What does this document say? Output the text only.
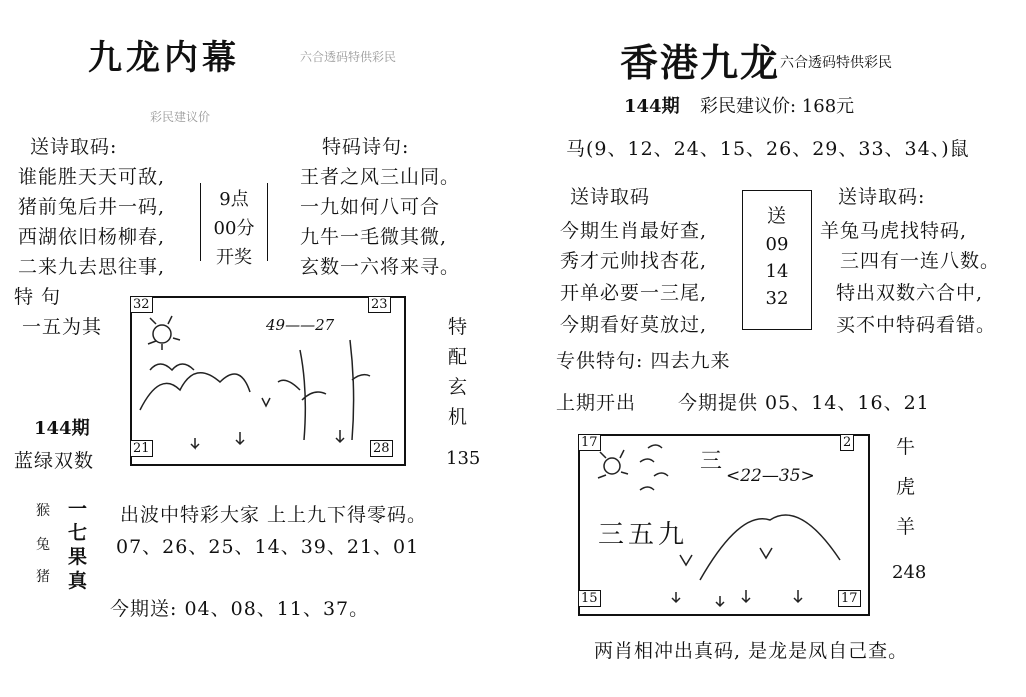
九龙内幕	六合透码特供彩民
彩民建议价
送诗取码:	特码诗句:
谁能胜天天可敌,
猪前兔后井一码,
西湖依旧杨柳春,
二来九去思往事,
王者之风三山同。
一九如何八可合
九牛一毛微其微,
玄数一六将来寻。
9点
00分
开奖
特 句
一五为其
144期
蓝绿双数
32	23
21	28
49——27	特
配
玄
机
135
猴
兔
猪
一
七
果
真
出波中特彩大家 上上九下得零码。
07、26、25、14、39、21、01
今期送: 04、08、11、37。
香港九龙 六合透码特供彩民
144期 彩民建议价: 168元
马(9、12、24、15、26、29、33、34、)鼠
送诗取码	送诗取码:
今期生肖最好查,
秀才元帅找杏花,
开单必要一三尾,
今期看好莫放过,
羊兔马虎找特码,
三四有一连八数。
特出双数六合中,
买不中特码看错。
送
09
14
32
专供特句: 四去九来
上期开出 今期提供 05、14、16、21
17	2
15	17
<22—35>
三
三五九
牛
虎
羊
248
两肖相冲出真码, 是龙是凤自己查。
